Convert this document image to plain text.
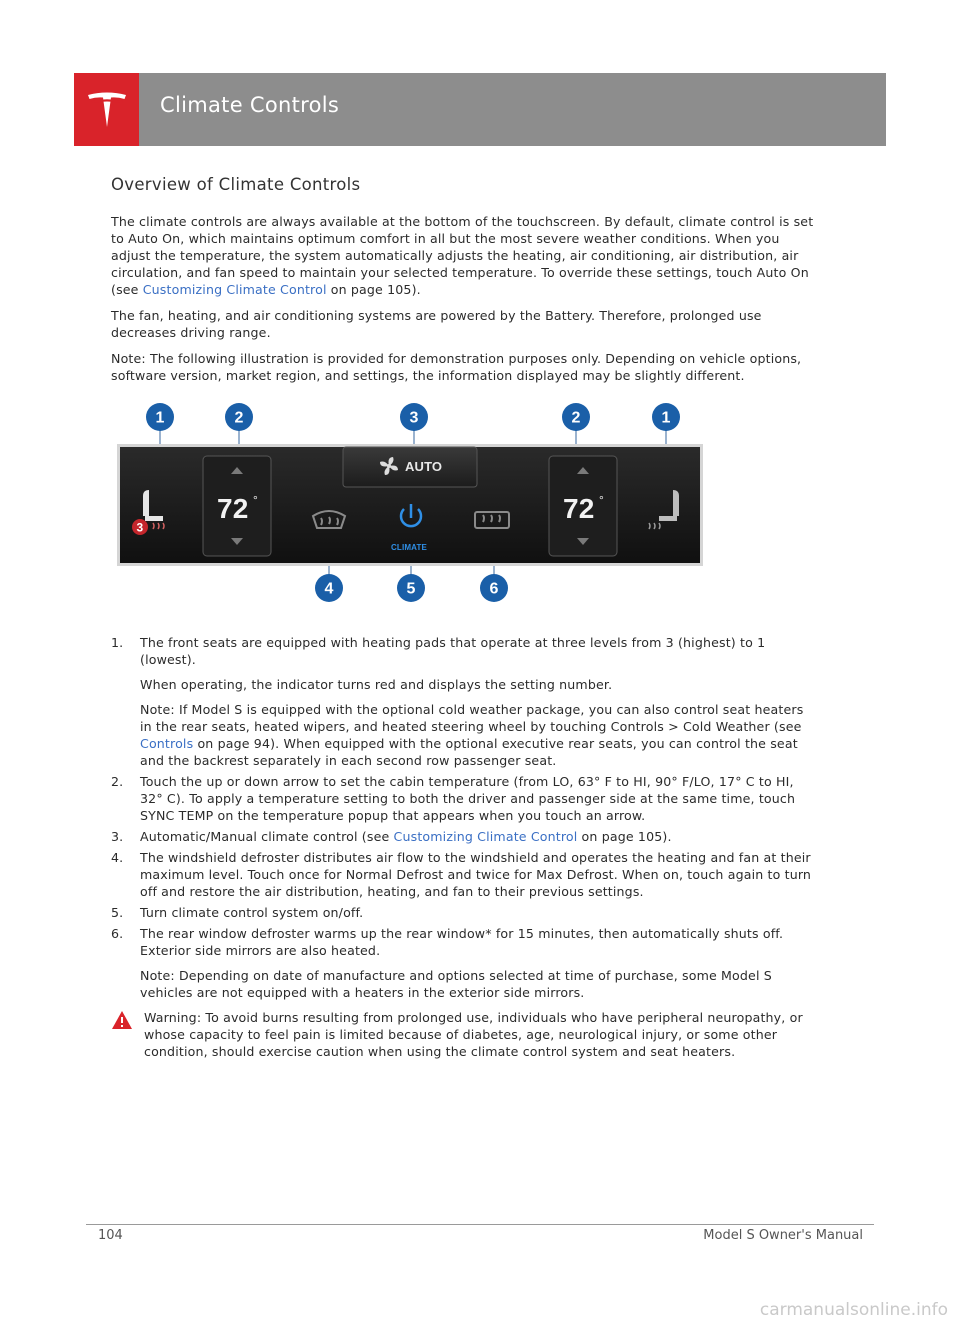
Climate Controls
Overview of Climate Controls

The climate controls are always available at the bottom of the touchscreen. By default, climate control is set to Auto On, which maintains optimum comfort in all but the most severe weather conditions. When you adjust the temperature, the system automatically adjusts the heating, air conditioning, air distribution, air circulation, and fan speed to maintain your selected temperature. To override these settings, touch Auto On (see Customizing Climate Control on page 105).

The fan, heating, and air conditioning systems are powered by the Battery. Therefore, prolonged use decreases driving range.

Note: The following illustration is provided for demonstration purposes only. Depending on vehicle options, software version, market region, and settings, the information displayed may be slightly different.

AUTO
72 °	72 °
3
CLIMATE
1	2	3	2	1
4	5	6
1. The front seats are equipped with heating pads that operate at three levels from 3 (highest) to 1 (lowest).

When operating, the indicator turns red and displays the setting number.

Note: If Model S is equipped with the optional cold weather package, you can also control seat heaters in the rear seats, heated wipers, and heated steering wheel by touching Controls > Cold Weather (see Controls on page 94). When equipped with the optional executive rear seats, you can control the seat and the backrest separately in each second row passenger seat.

2. Touch the up or down arrow to set the cabin temperature (from LO, 63° F to HI, 90° F/LO, 17° C to HI, 32° C). To apply a temperature setting to both the driver and passenger side at the same time, touch SYNC TEMP on the temperature popup that appears when you touch an arrow.

3. Automatic/Manual climate control (see Customizing Climate Control on page 105).

4. The windshield defroster distributes air flow to the windshield and operates the heating and fan at their maximum level. Touch once for Normal Defrost and twice for Max Defrost. When on, touch again to turn off and restore the air distribution, heating, and fan to their previous settings.

5. Turn climate control system on/off.

6. The rear window defroster warms up the rear window* for 15 minutes, then automatically shuts off. Exterior side mirrors are also heated.

Note: Depending on date of manufacture and options selected at time of purchase, some Model S vehicles are not equipped with a heaters in the exterior side mirrors.

Warning: To avoid burns resulting from prolonged use, individuals who have peripheral neuropathy, or whose capacity to feel pain is limited because of diabetes, age, neurological injury, or some other condition, should exercise caution when using the climate control system and seat heaters.
104	Model S Owner's Manual
carmanualsonline.info
